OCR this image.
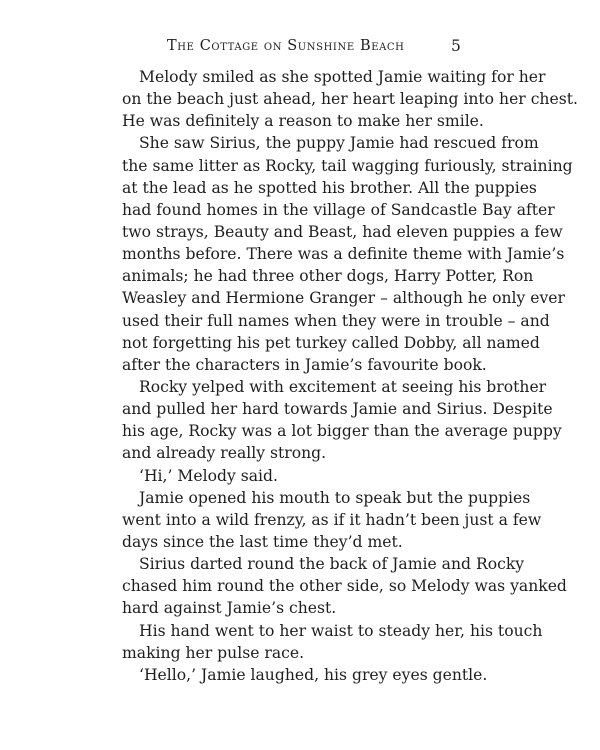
The Cottage on Sunshine Beach	5
Melody smiled as she spotted Jamie waiting for her
on the beach just ahead, her heart leaping into her chest.
He was definitely a reason to make her smile.
She saw Sirius, the puppy Jamie had rescued from
the same litter as Rocky, tail wagging furiously, straining
at the lead as he spotted his brother. All the puppies
had found homes in the village of Sandcastle Bay after
two strays, Beauty and Beast, had eleven puppies a few
months before. There was a definite theme with Jamie’s
animals; he had three other dogs, Harry Potter, Ron
Weasley and Hermione Granger – although he only ever
used their full names when they were in trouble – and
not forgetting his pet turkey called Dobby, all named
after the characters in Jamie’s favourite book.
Rocky yelped with excitement at seeing his brother
and pulled her hard towards Jamie and Sirius. Despite
his age, Rocky was a lot bigger than the average puppy
and already really strong.
‘Hi,’ Melody said.
Jamie opened his mouth to speak but the puppies
went into a wild frenzy, as if it hadn’t been just a few
days since the last time they’d met.
Sirius darted round the back of Jamie and Rocky
chased him round the other side, so Melody was yanked
hard against Jamie’s chest.
His hand went to her waist to steady her, his touch
making her pulse race.
‘Hello,’ Jamie laughed, his grey eyes gentle.
